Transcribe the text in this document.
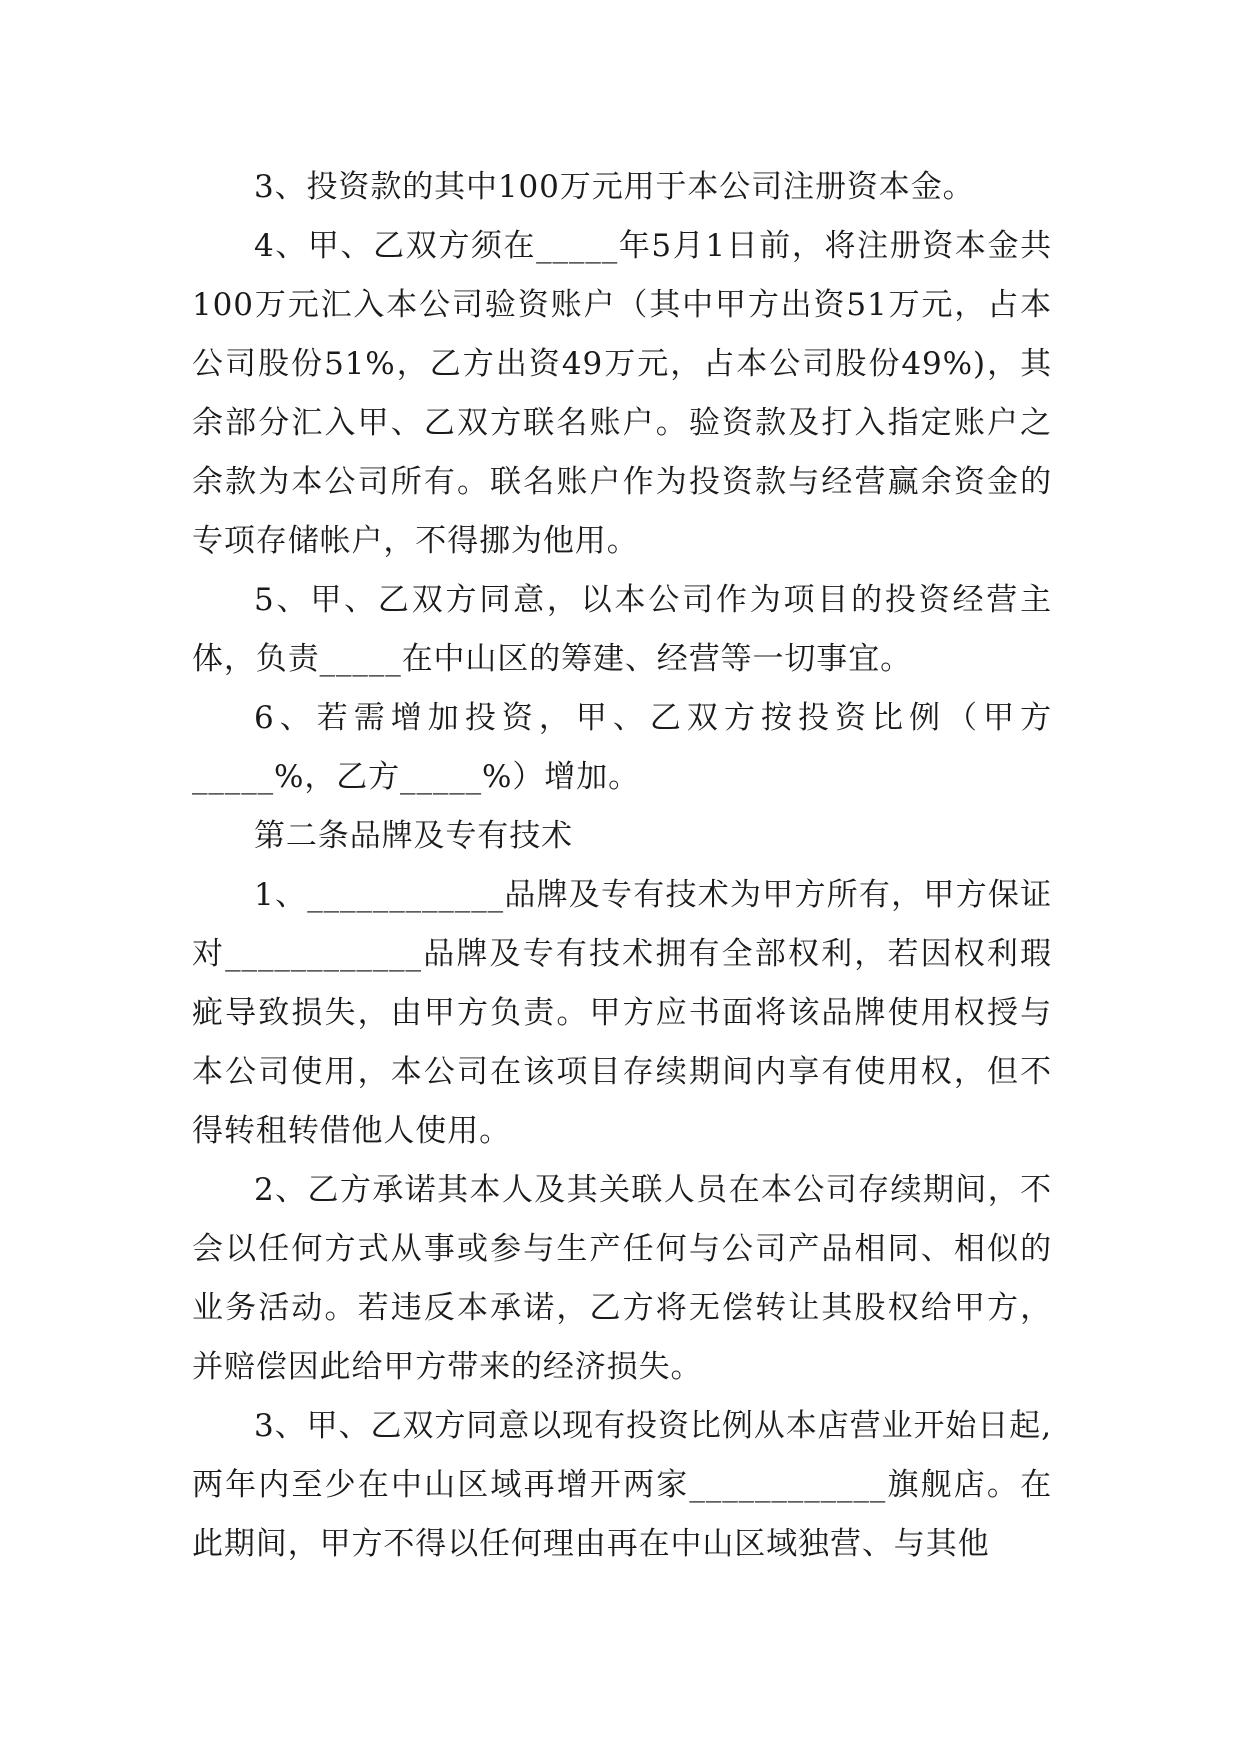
3、投资款的其中100万元用于本公司注册资本金。

4、甲、乙双方须在_____年5月1日前，将注册资本金共100万元汇入本公司验资账户（其中甲方出资51万元，占本公司股份51%，乙方出资49万元，占本公司股份49%)，其余部分汇入甲、乙双方联名账户。验资款及打入指定账户之余款为本公司所有。联名账户作为投资款与经营赢余资金的专项存储帐户，不得挪为他用。

5、甲、乙双方同意，以本公司作为项目的投资经营主体，负责_____在中山区的筹建、经营等一切事宜。

6、若需增加投资，甲、乙双方按投资比例（甲方_____%，乙方_____%）增加。

第二条品牌及专有技术

1、____________品牌及专有技术为甲方所有，甲方保证对____________品牌及专有技术拥有全部权利，若因权利瑕疵导致损失，由甲方负责。甲方应书面将该品牌使用权授与本公司使用，本公司在该项目存续期间内享有使用权，但不得转租转借他人使用。

2、乙方承诺其本人及其关联人员在本公司存续期间，不会以任何方式从事或参与生产任何与公司产品相同、相似的业务活动。若违反本承诺，乙方将无偿转让其股权给甲方，并赔偿因此给甲方带来的经济损失。

3、甲、乙双方同意以现有投资比例从本店营业开始日起,两年内至少在中山区域再增开两家____________旗舰店。在此期间，甲方不得以任何理由再在中山区域独营、与其他
